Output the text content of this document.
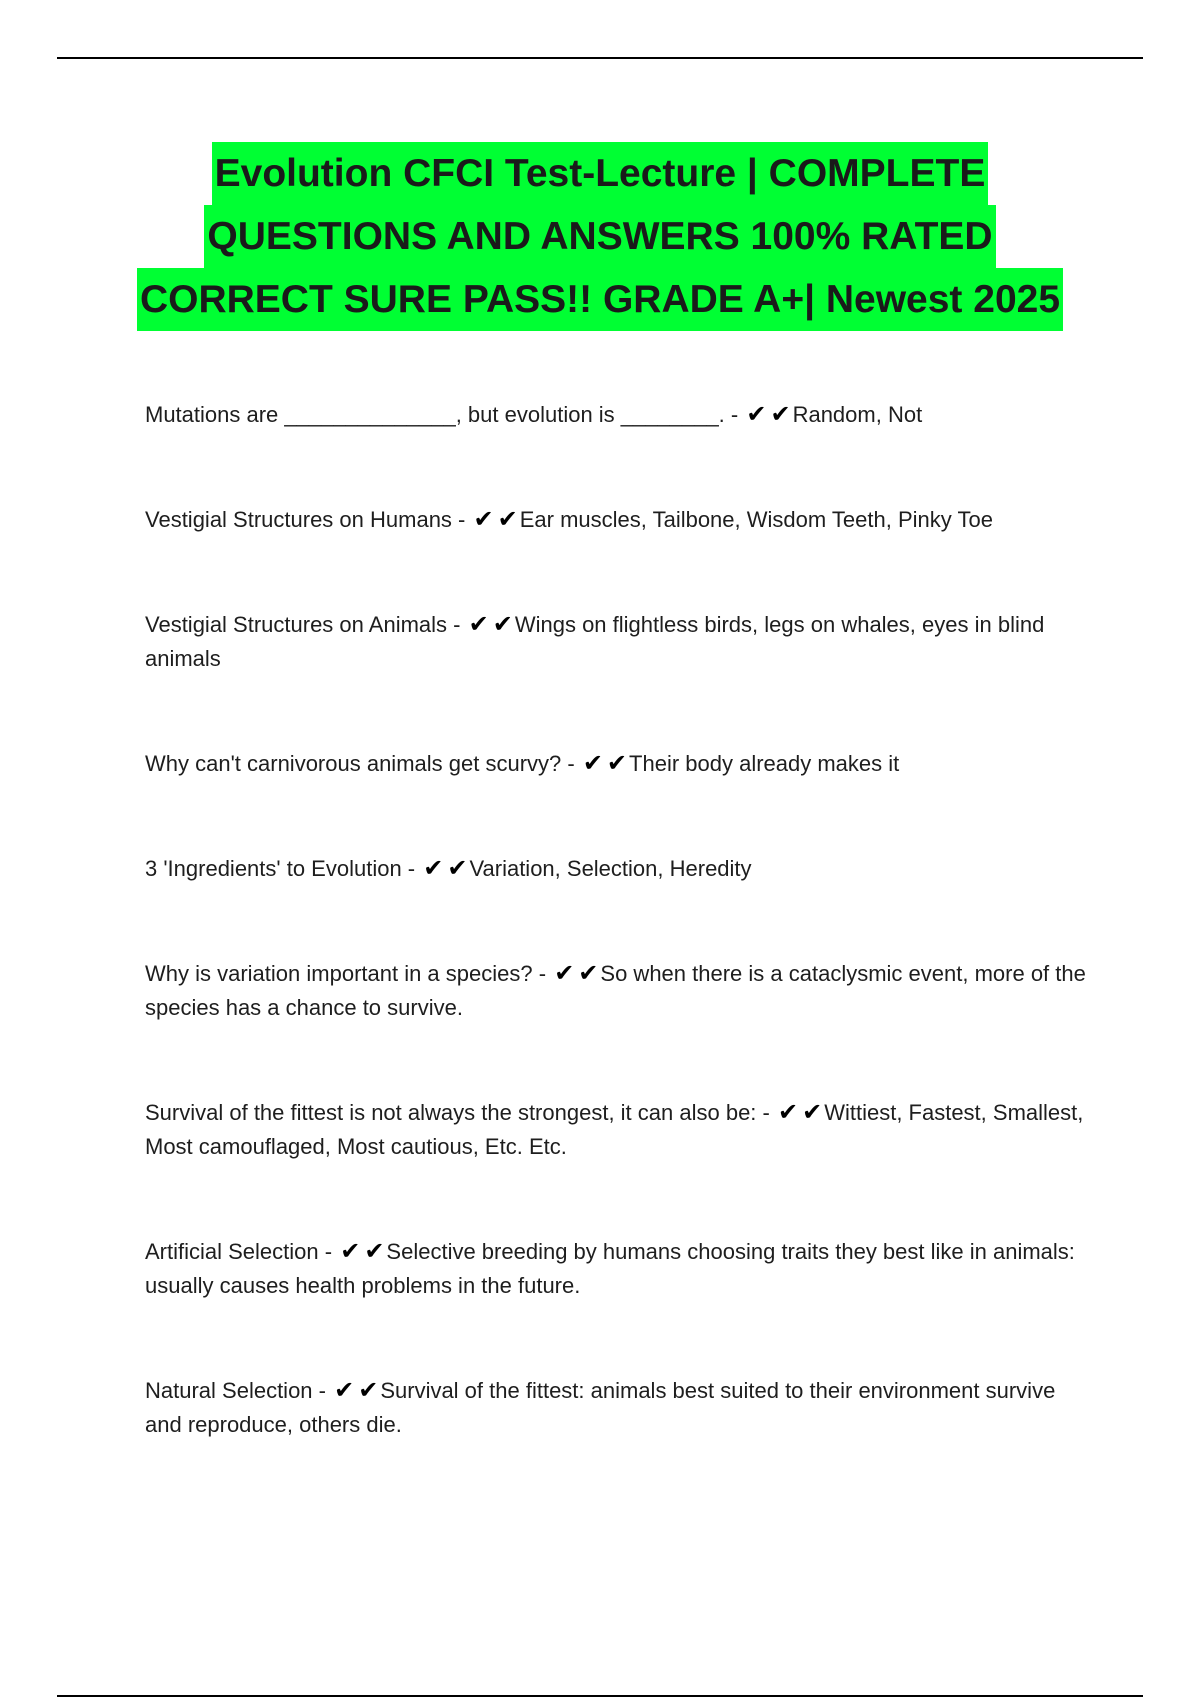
Evolution CFCI Test-Lecture | COMPLETE
QUESTIONS AND ANSWERS 100% RATED
CORRECT SURE PASS!! GRADE A+| Newest 2025

Mutations are ______________, but evolution is ________. - ✔ ✔Random, Not

Vestigial Structures on Humans - ✔ ✔Ear muscles, Tailbone, Wisdom Teeth, Pinky Toe

Vestigial Structures on Animals - ✔ ✔Wings on flightless birds, legs on whales, eyes in blind animals

Why can't carnivorous animals get scurvy? - ✔ ✔Their body already makes it

3 'Ingredients' to Evolution - ✔ ✔Variation, Selection, Heredity

Why is variation important in a species? - ✔ ✔So when there is a cataclysmic event, more of the species has a chance to survive.

Survival of the fittest is not always the strongest, it can also be: - ✔ ✔Wittiest, Fastest, Smallest, Most camouflaged, Most cautious, Etc. Etc.

Artificial Selection - ✔ ✔Selective breeding by humans choosing traits they best like in animals: usually causes health problems in the future.

Natural Selection - ✔ ✔Survival of the fittest: animals best suited to their environment survive and reproduce, others die.
